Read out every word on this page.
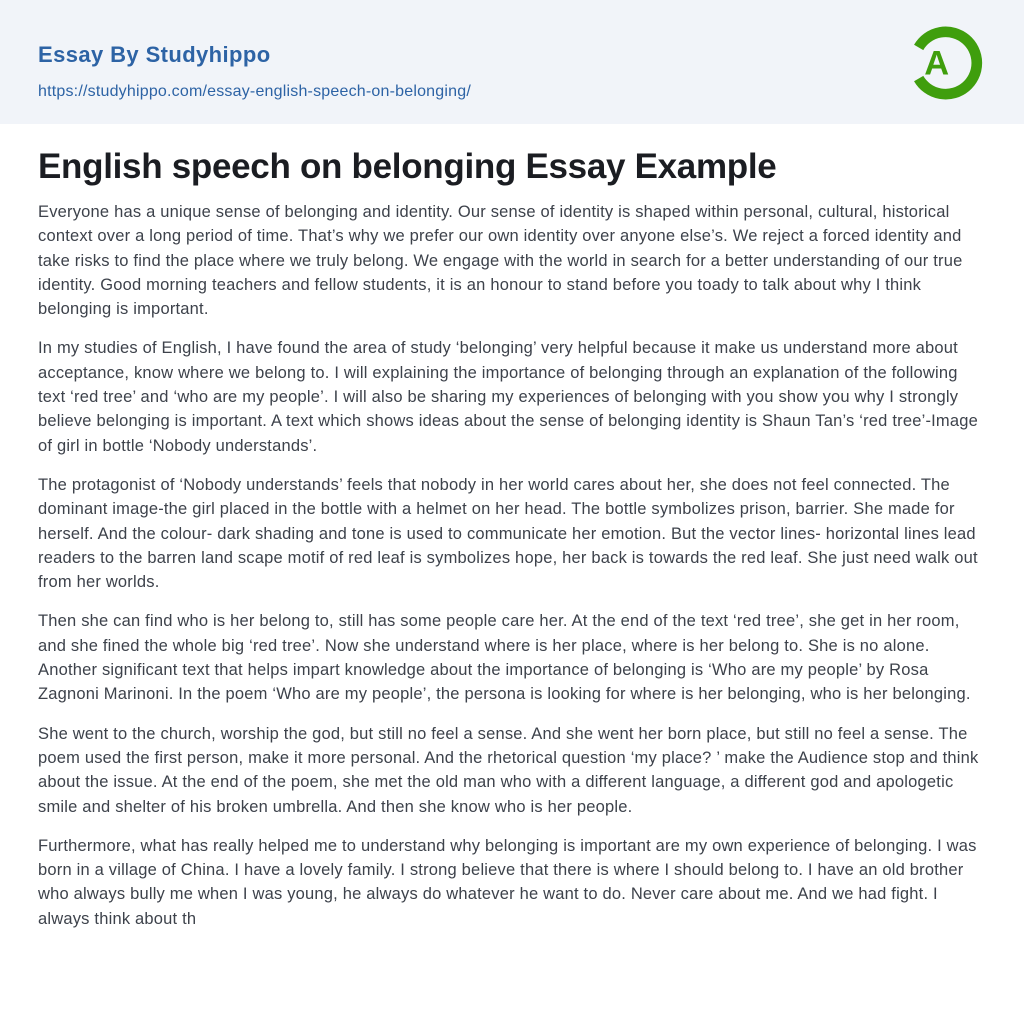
Essay By Studyhippo
https://studyhippo.com/essay-english-speech-on-belonging/
A
English speech on belonging Essay Example

Everyone has a unique sense of belonging and identity. Our sense of identity is shaped within personal, cultural, historical context over a long period of time. That’s why we prefer our own identity over anyone else’s. We reject a forced identity and take risks to find the place where we truly belong. We engage with the world in search for a better understanding of our true identity. Good morning teachers and fellow students, it is an honour to stand before you toady to talk about why I think belonging is important.

In my studies of English, I have found the area of study ‘belonging’ very helpful because it make us understand more about acceptance, know where we belong to. I will explaining the importance of belonging through an explanation of the following text ‘red tree’ and ‘who are my people’. I will also be sharing my experiences of belonging with you show you why I strongly believe belonging is important. A text which shows ideas about the sense of belonging identity is Shaun Tan’s ‘red tree’-Image of girl in bottle ‘Nobody understands’.

The protagonist of ‘Nobody understands’ feels that nobody in her world cares about her, she does not feel connected. The dominant image-the girl placed in the bottle with a helmet on her head. The bottle symbolizes prison, barrier. She made for herself. And the colour- dark shading and tone is used to communicate her emotion. But the vector lines- horizontal lines lead readers to the barren land scape motif of red leaf is symbolizes hope, her back is towards the red leaf. She just need walk out from her worlds.

Then she can find who is her belong to, still has some people care her. At the end of the text ‘red tree’, she get in her room, and she fined the whole big ‘red tree’. Now she understand where is her place, where is her belong to. She is no alone. Another significant text that helps impart knowledge about the importance of belonging is ‘Who are my people’ by Rosa Zagnoni Marinoni. In the poem ‘Who are my people’, the persona is looking for where is her belonging, who is her belonging.

She went to the church, worship the god, but still no feel a sense. And she went her born place, but still no feel a sense. The poem used the first person, make it more personal. And the rhetorical question ‘my place? ’ make the Audience stop and think about the issue. At the end of the poem, she met the old man who with a different language, a different god and apologetic smile and shelter of his broken umbrella. And then she know who is her people.

Furthermore, what has really helped me to understand why belonging is important are my own experience of belonging. I was born in a village of China. I have a lovely family. I strong believe that there is where I should belong to. I have an old brother who always bully me when I was young, he always do whatever he want to do. Never care about me. And we had fight. I always think about th
